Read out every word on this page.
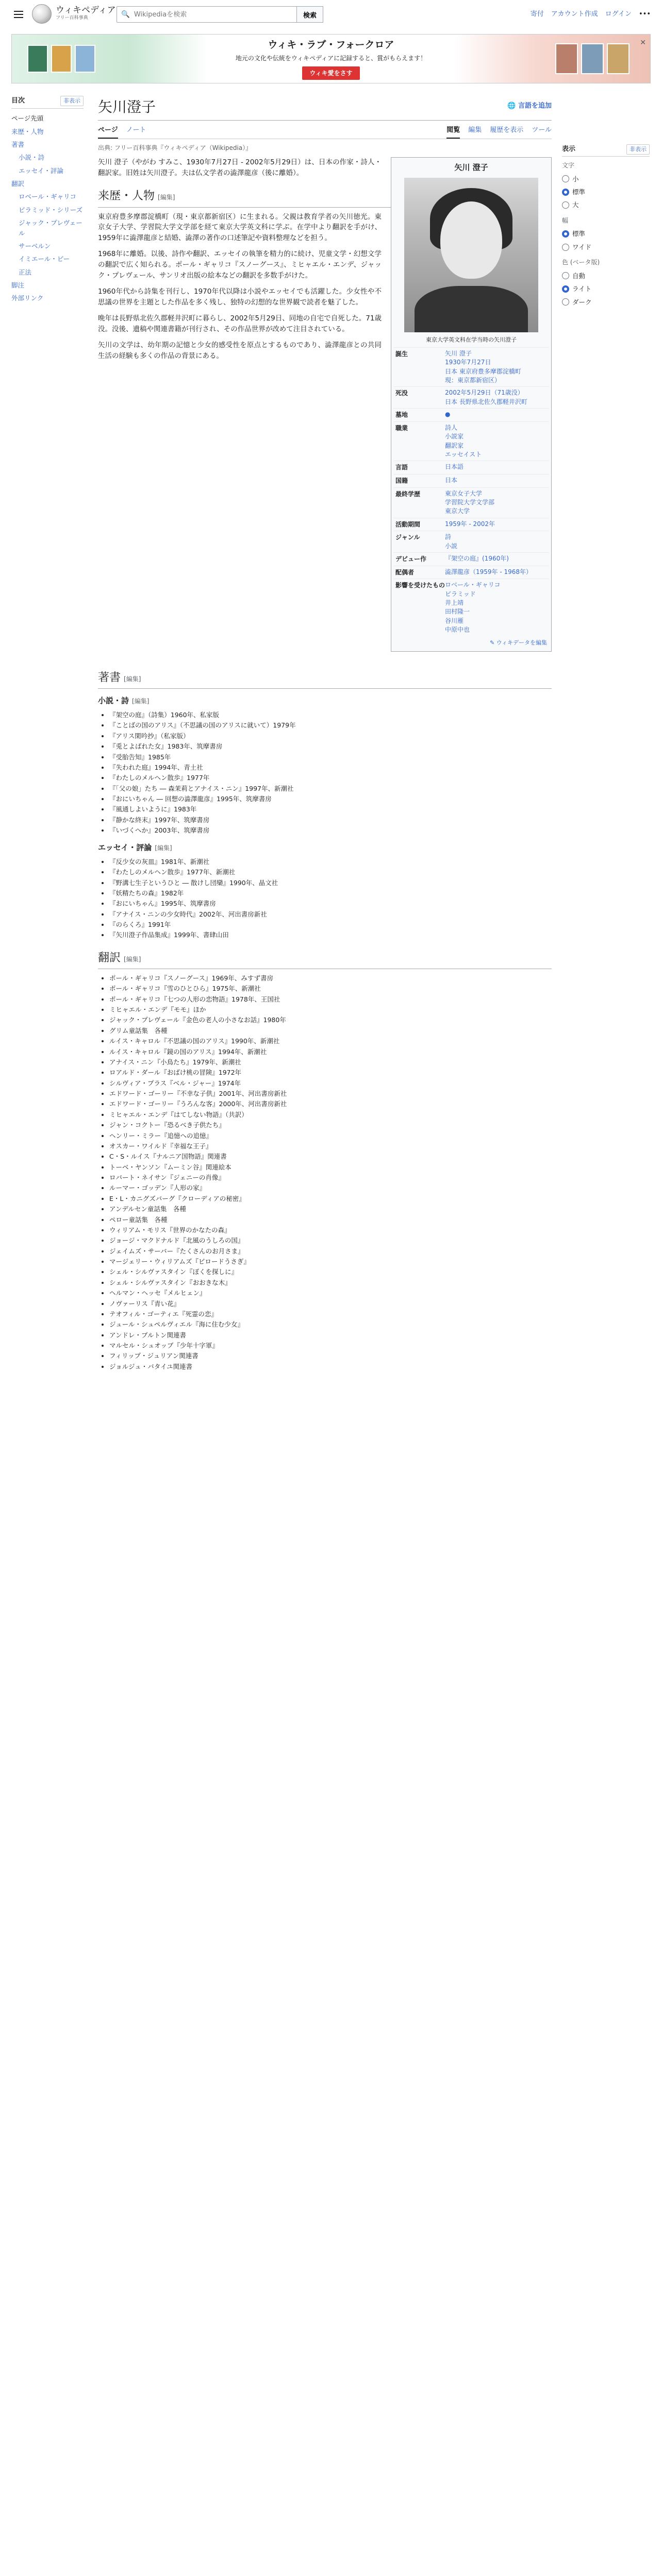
ウィキペディア
フリー百科事典	🔍
Wikipediaを検索	検索	寄付 アカウント作成 ログイン •••
ウィキ・ラブ・フォークロア
地元の文化や伝統をウィキペディアに記録すると、賞がもらえます！
ウィキ愛をさす
✕
目次	非表示
ページ先頭
来歴・人物
著書
小説・詩
エッセイ・評論
翻訳
ロベール・ギャリコ
ピラミッド・シリーズ
ジャック・プレヴェール
サーベルン
イミエール・ピー
正法
脚注
外部リンク
矢川澄子	🌐 言語を追加
ページ ノート	閲覧 編集 履歴を表示 ツール
出典: フリー百科事典『ウィキペディア（Wikipedia）』
矢川 澄子
東京大学英文科在学当時の矢川澄子
誕生	矢川 澄子
1930年7月27日
日本 東京府豊多摩郡淀橋町
現：東京都新宿区）
死没	2002年5月29日（71歳没）
日本 長野県北佐久郡軽井沢町
墓地	●
職業	詩人
小説家
翻訳家
エッセイスト
言語	日本語
国籍	日本
最終学歴	東京女子大学
学習院大学文学部
東京大学
活動期間	1959年 - 2002年
ジャンル	詩
小説
デビュー作	『架空の庭』(1960年)
配偶者	澁澤龍彦（1959年 - 1968年）
影響を受けたもの ロベール・ギャリコ
ピラミッド
井上靖
田村隆一
谷川雁
中原中也
✎ ウィキデータを編集

矢川 澄子（やがわ すみこ、1930年7月27日 - 2002年5月29日）は、日本の作家・詩人・翻訳家。旧姓は矢川澄子。夫は仏文学者の澁澤龍彦（後に離婚）。

来歴・人物 [編集]

東京府豊多摩郡淀橋町（現・東京都新宿区）に生まれる。父親は教育学者の矢川徳光。東京女子大学、学習院大学文学部を経て東京大学英文科に学ぶ。在学中より翻訳を手がけ、1959年に澁澤龍彦と結婚、澁澤の著作の口述筆記や資料整理などを担う。

1968年に離婚。以後、詩作や翻訳、エッセイの執筆を精力的に続け、児童文学・幻想文学の翻訳で広く知られる。ポール・ギャリコ『スノーグース』、ミヒャエル・エンデ、ジャック・プレヴェール、サンリオ出版の絵本などの翻訳を多数手がけた。

1960年代から詩集を刊行し、1970年代以降は小説やエッセイでも活躍した。少女性や不思議の世界を主題とした作品を多く残し、独特の幻想的な世界観で読者を魅了した。

晩年は長野県北佐久郡軽井沢町に暮らし、2002年5月29日、同地の自宅で自死した。71歳没。没後、遺稿や関連書籍が刊行され、その作品世界が改めて注目されている。

矢川の文学は、幼年期の記憶と少女的感受性を原点とするものであり、澁澤龍彦との共同生活の経験も多くの作品の背景にある。

著書 [編集]
小説・詩 [編集]
• 『架空の庭』（詩集）1960年、私家版
• 『ことばの国のアリス』（不思議の国のアリスに就いて）1979年
• 『アリス閑吟抄』（私家版）
• 『兎とよばれた女』1983年、筑摩書房
• 『受胎告知』1985年
• 『失われた庭』1994年、青土社
• 『わたしのメルヘン散歩』1977年
• 『「父の娘」たち ― 森茉莉とアナイス・ニン』1997年、新潮社
• 『おにいちゃん ― 回想の澁澤龍彦』1995年、筑摩書房
• 『風通しよいように』1983年
• 『静かな終末』1997年、筑摩書房
• 『いづくへか』2003年、筑摩書房
エッセイ・評論 [編集]
• 『反少女の灰皿』1981年、新潮社
• 『わたしのメルヘン散歩』1977年、新潮社
• 『野溝七生子というひと ― 散けし団欒』1990年、晶文社
• 『妖精たちの森』1982年
• 『おにいちゃん』1995年、筑摩書房
• 『アナイス・ニンの少女時代』2002年、河出書房新社
• 『のらくろ』1991年
• 『矢川澄子作品集成』1999年、書肆山田
翻訳 [編集]
• ポール・ギャリコ『スノーグース』1969年、みすず書房
• ポール・ギャリコ『雪のひとひら』1975年、新潮社
• ポール・ギャリコ『七つの人形の恋物語』1978年、王国社
• ミヒャエル・エンデ『モモ』ほか
• ジャック・プレヴェール『金色の老人の小さなお話』1980年
• グリム童話集　各種
• ルイス・キャロル『不思議の国のアリス』1990年、新潮社
• ルイス・キャロル『鏡の国のアリス』1994年、新潮社
• アナイス・ニン『小鳥たち』1979年、新潮社
• ロアルド・ダール『おばけ桃の冒険』1972年
• シルヴィア・プラス『ベル・ジャー』1974年
• エドワード・ゴーリー『不幸な子供』2001年、河出書房新社
• エドワード・ゴーリー『うろんな客』2000年、河出書房新社
• ミヒャエル・エンデ『はてしない物語』（共訳）
• ジャン・コクトー『恐るべき子供たち』
• ヘンリー・ミラー『追憶への追憶』
• オスカー・ワイルド『幸福な王子』
• C・S・ルイス『ナルニア国物語』関連書
• トーベ・ヤンソン『ムーミン谷』関連絵本
• ロバート・ネイサン『ジェニーの肖像』
• ルーマー・ゴッデン『人形の家』
• E・L・カニグズバーグ『クローディアの秘密』
• アンデルセン童話集　各種
• ペロー童話集　各種
• ウィリアム・モリス『世界のかなたの森』
• ジョージ・マクドナルド『北風のうしろの国』
• ジェイムズ・サーバー『たくさんのお月さま』
• マージェリー・ウィリアムズ『ビロードうさぎ』
• シェル・シルヴァスタイン『ぼくを探しに』
• シェル・シルヴァスタイン『おおきな木』
• ヘルマン・ヘッセ『メルヒェン』
• ノヴァーリス『青い花』
• テオフィル・ゴーティエ『死霊の恋』
• ジュール・シュペルヴィエル『海に住む少女』
• アンドレ・ブルトン関連書
• マルセル・シュオッブ『少年十字軍』
• フィリップ・ジュリアン関連書
• ジョルジュ・バタイユ関連書
表示	非表示
文字
小
標準
大
幅
標準
ワイド
色 (ベータ版)
自動
ライト
ダーク
